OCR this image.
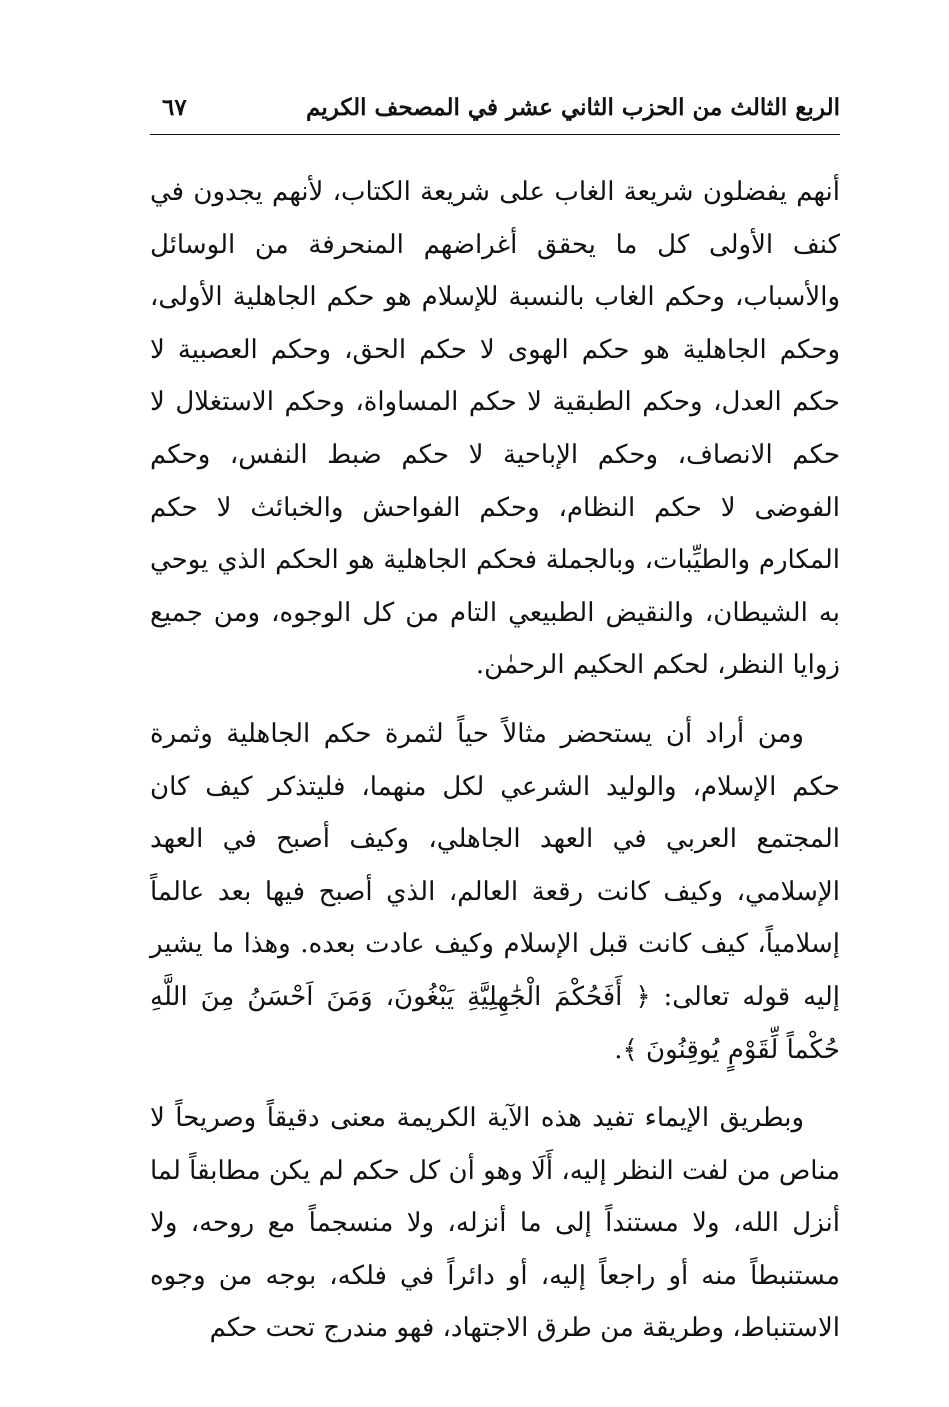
الربع الثالث من الحزب الثاني عشر في المصحف الكريم
٦٧

أنهم يفضلون شريعة الغاب على شريعة الكتاب، لأنهم يجدون في كنف الأولى كل ما يحقق أغراضهم المنحرفة من الوسائل والأسباب، وحكم الغاب بالنسبة للإسلام هو حكم الجاهلية الأولى، وحكم الجاهلية هو حكم الهوى لا حكم الحق، وحكم العصبية لا حكم العدل، وحكم الطبقية لا حكم المساواة، وحكم الاستغلال لا حكم الانصاف، وحكم الإباحية لا حكم ضبط النفس، وحكم الفوضى لا حكم النظام، وحكم الفواحش والخبائث لا حكم المكارم والطيِّبات، وبالجملة فحكم الجاهلية هو الحكم الذي يوحي به الشيطان، والنقيض الطبيعي التام من كل الوجوه، ومن جميع زوايا النظر، لحكم الحكيم الرحمٰن.

ومن أراد أن يستحضر مثالاً حياً لثمرة حكم الجاهلية وثمرة حكم الإسلام، والوليد الشرعي لكل منهما، فليتذكر كيف كان المجتمع العربي في العهد الجاهلي، وكيف أصبح في العهد الإسلامي، وكيف كانت رقعة العالم، الذي أصبح فيها بعد عالماً إسلامياً، كيف كانت قبل الإسلام وكيف عادت بعده. وهذا ما يشير إليه قوله تعالى: ﴿ أَفَحُكْمَ الْجَٰهِلِيَّةِ يَبْغُونَ، وَمَنَ اَحْسَنُ مِنَ اللَّهِ حُكْماً لِّقَوْمٍ يُوقِنُونَ ﴾.

وبطريق الإيماء تفيد هذه الآية الكريمة معنى دقيقاً وصريحاً لا مناص من لفت النظر إليه، أَلَا وهو أن كل حكم لم يكن مطابقاً لما أنزل الله، ولا مستنداً إلى ما أنزله، ولا منسجماً مع روحه، ولا مستنبطاً منه أو راجعاً إليه، أو دائراً في فلكه، بوجه من وجوه الاستنباط، وطريقة من طرق الاجتهاد، فهو مندرج تحت حكم
